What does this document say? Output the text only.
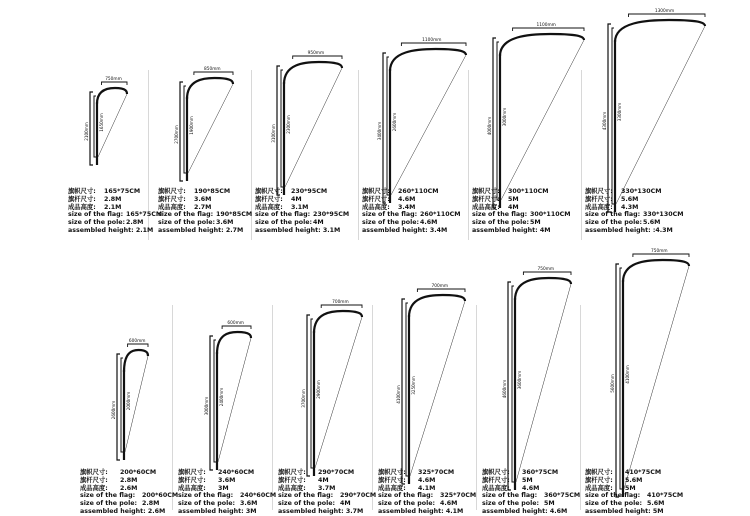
750mm
1650mm
2100mm
旗帜尺寸: 165*75CM
旗杆尺寸: 2.8M
成品高度: 2.1M
size of the flag: 165*75CM
size of the pole: 2.8M
assembled height: 2.1M
850mm
1900mm
2700mm
旗帜尺寸: 190*85CM
旗杆尺寸: 3.6M
成品高度: 2.7M
size of the flag: 190*85CM
size of the pole: 3.6M
assembled height: 2.7M
950mm
2300mm
3100mm
旗帜尺寸: 230*95CM
旗杆尺寸: 4M
成品高度: 3.1M
size of the flag: 230*95CM
size of the pole: 4M
assembled height: 3.1M
1100mm
2600mm
3400mm
旗帜尺寸: 260*110CM
旗杆尺寸: 4.6M
成品高度: 3.4M
size of the flag: 260*110CM
size of the pole: 4.6M
assembled height: 3.4M
1100mm
3000mm
4000mm
旗帜尺寸: 300*110CM
旗杆尺寸: 5M
成品高度: 4M
size of the flag: 300*110CM
size of the pole: 5M
assembled height: 4M
1300mm
3300mm
4300mm
旗帜尺寸: 330*130CM
旗杆尺寸: 5.6M
成品高度: 4.3M
size of the flag: 330*130CM
size of the pole: 5.6M
assembled height: :4.3M
600mm
2000mm
2600mm
旗帜尺寸: 200*60CM
旗杆尺寸: 2.8M
成品高度: 2.6M
size of the flag: 200*60CM
size of the pole: 2.8M
assembled height: 2.6M
600mm
2400mm
3000mm
旗帜尺寸: 240*60CM
旗杆尺寸: 3.6M
成品高度: 3M
size of the flag: 240*60CM
size of the pole: 3.6M
assembled height: 3M
700mm
2900mm
3700mm
旗帜尺寸: 290*70CM
旗杆尺寸: 4M
成品高度: 3.7M
size of the flag: 290*70CM
size of the pole: 4M
assembled height: 3.7M
700mm
3250mm
4100mm
旗帜尺寸: 325*70CM
旗杆尺寸: 4.6M
成品高度: 4.1M
size of the flag: 325*70CM
size of the pole: 4.6M
assembled height: 4.1M
750mm
3600mm
4600mm
旗帜尺寸: 360*75CM
旗杆尺寸: 5M
成品高度: 4.6M
size of the flag: 360*75CM
size of the pole: 5M
assembled height: 4.6M
750mm
4100mm
5600mm
旗帜尺寸: 410*75CM
旗杆尺寸: 5.6M
成品高度: 5M
size of the flag: 410*75CM
size of the pole: 5.6M
assembled height: 5M
